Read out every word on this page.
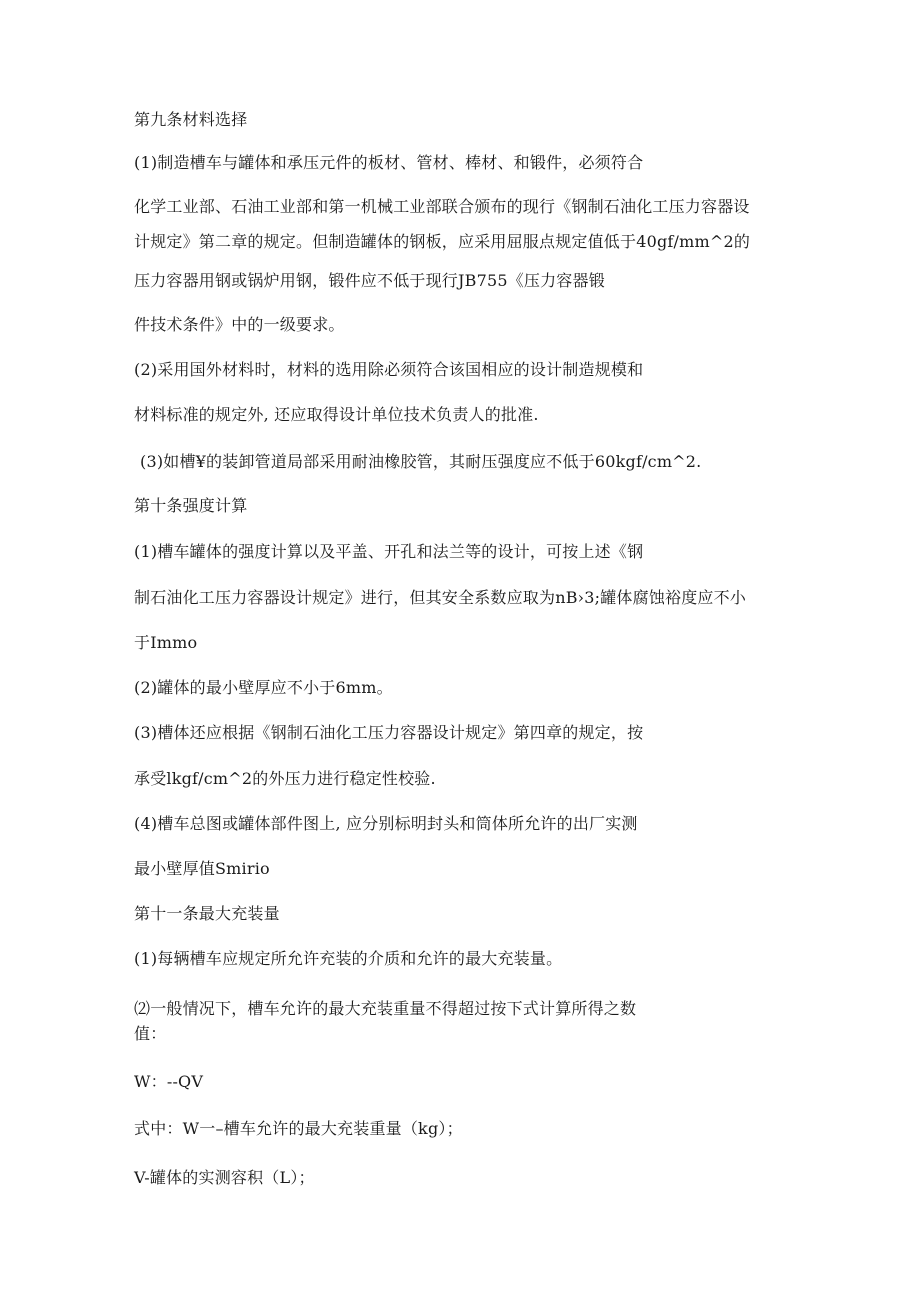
第九条材料选择
(1)制造槽车与罐体和承压元件的板材、管材、棒材、和锻件，必须符合
化学工业部、石油工业部和第一机械工业部联合颁布的现行《钢制石油化工压力容器设
计规定》第二章的规定。但制造罐体的钢板，应采用屈服点规定值低于40gf/mm^2的
压力容器用钢或锅炉用钢，锻件应不低于现行JB755《压力容器锻
件技术条件》中的一级要求。
(2)采用国外材料时，材料的选用除必须符合该国相应的设计制造规模和
材料标准的规定外, 还应取得设计单位技术负责人的批准.
(3)如槽¥的装卸管道局部采用耐油橡胶管，其耐压强度应不低于60kgf/cm^2.
第十条强度计算
(1)槽车罐体的强度计算以及平盖、开孔和法兰等的设计，可按上述《钢
制石油化工压力容器设计规定》进行，但其安全系数应取为nB›3;罐体腐蚀裕度应不小
于Immo
(2)罐体的最小壁厚应不小于6mm。
(3)槽体还应根据《钢制石油化工压力容器设计规定》第四章的规定，按
承受lkgf/cm^2的外压力进行稳定性校验.
(4)槽车总图或罐体部件图上, 应分别标明封头和筒体所允许的出厂实测
最小壁厚值Smirio
第十一条最大充装量
(1)每辆槽车应规定所允许充装的介质和允许的最大充装量。
⑵一般情况下，槽车允许的最大充装重量不得超过按下式计算所得之数
值：
W：--QV
式中：W一–槽车允许的最大充装重量（kg）；
V-罐体的实测容积（L）；
